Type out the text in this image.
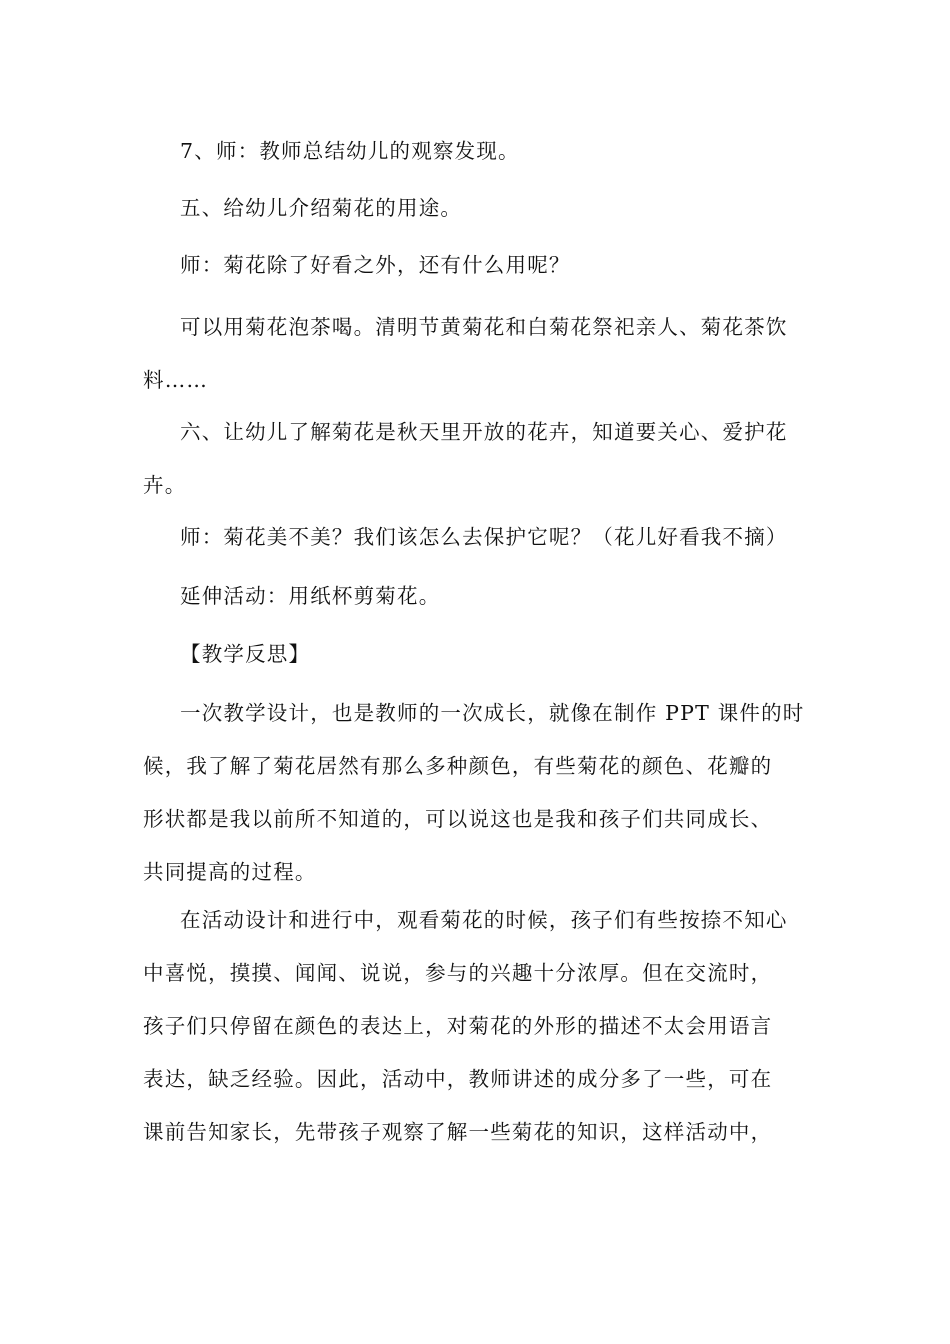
7、师：教师总结幼儿的观察发现。

五、给幼儿介绍菊花的用途。

师：菊花除了好看之外，还有什么用呢？

可以用菊花泡茶喝。清明节黄菊花和白菊花祭祀亲人、菊花茶饮
料……

六、让幼儿了解菊花是秋天里开放的花卉，知道要关心、爱护花
卉。

师：菊花美不美？我们该怎么去保护它呢？（花儿好看我不摘）

延伸活动：用纸杯剪菊花。

【教学反思】

一次教学设计，也是教师的一次成长，就像在制作 PPT 课件的时
候，我了解了菊花居然有那么多种颜色，有些菊花的颜色、花瓣的
形状都是我以前所不知道的，可以说这也是我和孩子们共同成长、
共同提高的过程。

在活动设计和进行中，观看菊花的时候，孩子们有些按捺不知心
中喜悦，摸摸、闻闻、说说，参与的兴趣十分浓厚。但在交流时，
孩子们只停留在颜色的表达上，对菊花的外形的描述不太会用语言
表达，缺乏经验。因此，活动中，教师讲述的成分多了一些，可在
课前告知家长，先带孩子观察了解一些菊花的知识，这样活动中，
